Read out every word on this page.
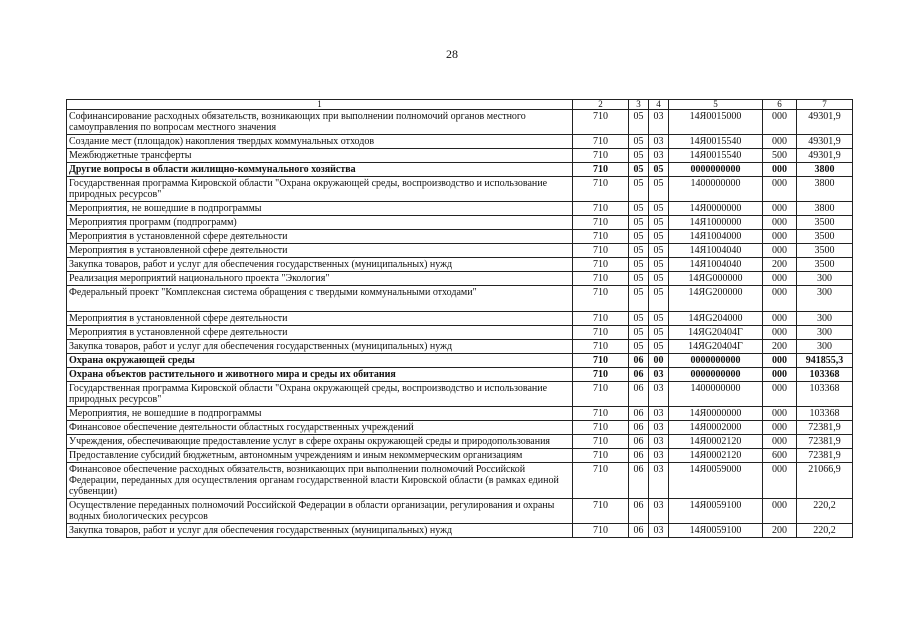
28
1	2	3	4	5	6	7
Софинансирование расходных обязательств, возникающих при выполнении полномочий органов местного самоуправления по вопросам местного значения	710	05	03	14Я0015000	000	49301,9
Создание мест (площадок) накопления твердых коммунальных отходов	710	05	03	14Я0015540	000	49301,9
Межбюджетные трансферты	710	05	03	14Я0015540	500	49301,9
Другие вопросы в области жилищно-коммунального хозяйства	710	05	05	0000000000	000	3800
Государственная программа Кировской области "Охрана окружающей среды, воспроизводство и использование природных ресурсов"	710	05	05	1400000000	000	3800
Мероприятия, не вошедшие в подпрограммы	710	05	05	14Я0000000	000	3800
Мероприятия программ (подпрограмм)	710	05	05	14Я1000000	000	3500
Мероприятия в установленной сфере деятельности	710	05	05	14Я1004000	000	3500
Мероприятия в установленной сфере деятельности	710	05	05	14Я1004040	000	3500
Закупка товаров, работ и услуг для обеспечения государственных (муниципальных) нужд	710	05	05	14Я1004040	200	3500
Реализация мероприятий национального проекта "Экология"	710	05	05	14ЯG000000	000	300
Федеральный проект "Комплексная система обращения с твердыми коммунальными отходами"	710	05	05	14ЯG200000	000	300
Мероприятия в установленной сфере деятельности	710	05	05	14ЯG204000	000	300
Мероприятия в установленной сфере деятельности	710	05	05	14ЯG20404Г	000	300
Закупка товаров, работ и услуг для обеспечения государственных (муниципальных) нужд	710	05	05	14ЯG20404Г	200	300
Охрана окружающей среды	710	06	00	0000000000	000	941855,3
Охрана объектов растительного и животного мира и среды их обитания	710	06	03	0000000000	000	103368
Государственная программа Кировской области "Охрана окружающей среды, воспроизводство и использование природных ресурсов"	710	06	03	1400000000	000	103368
Мероприятия, не вошедшие в подпрограммы	710	06	03	14Я0000000	000	103368
Финансовое обеспечение деятельности областных государственных учреждений	710	06	03	14Я0002000	000	72381,9
Учреждения, обеспечивающие предоставление услуг в сфере охраны окружающей среды и природопользования	710	06	03	14Я0002120	000	72381,9
Предоставление субсидий бюджетным, автономным учреждениям и иным некоммерческим организациям	710	06	03	14Я0002120	600	72381,9
Финансовое обеспечение расходных обязательств, возникающих при выполнении полномочий Российской Федерации, переданных для осуществления органам государственной власти Кировской области (в рамках единой субвенции)	710	06	03	14Я0059000	000	21066,9
Осуществление переданных полномочий Российской Федерации в области организации, регулирования и охраны водных биологических ресурсов	710	06	03	14Я0059100	000	220,2
Закупка товаров, работ и услуг для обеспечения государственных (муниципальных) нужд	710	06	03	14Я0059100	200	220,2
